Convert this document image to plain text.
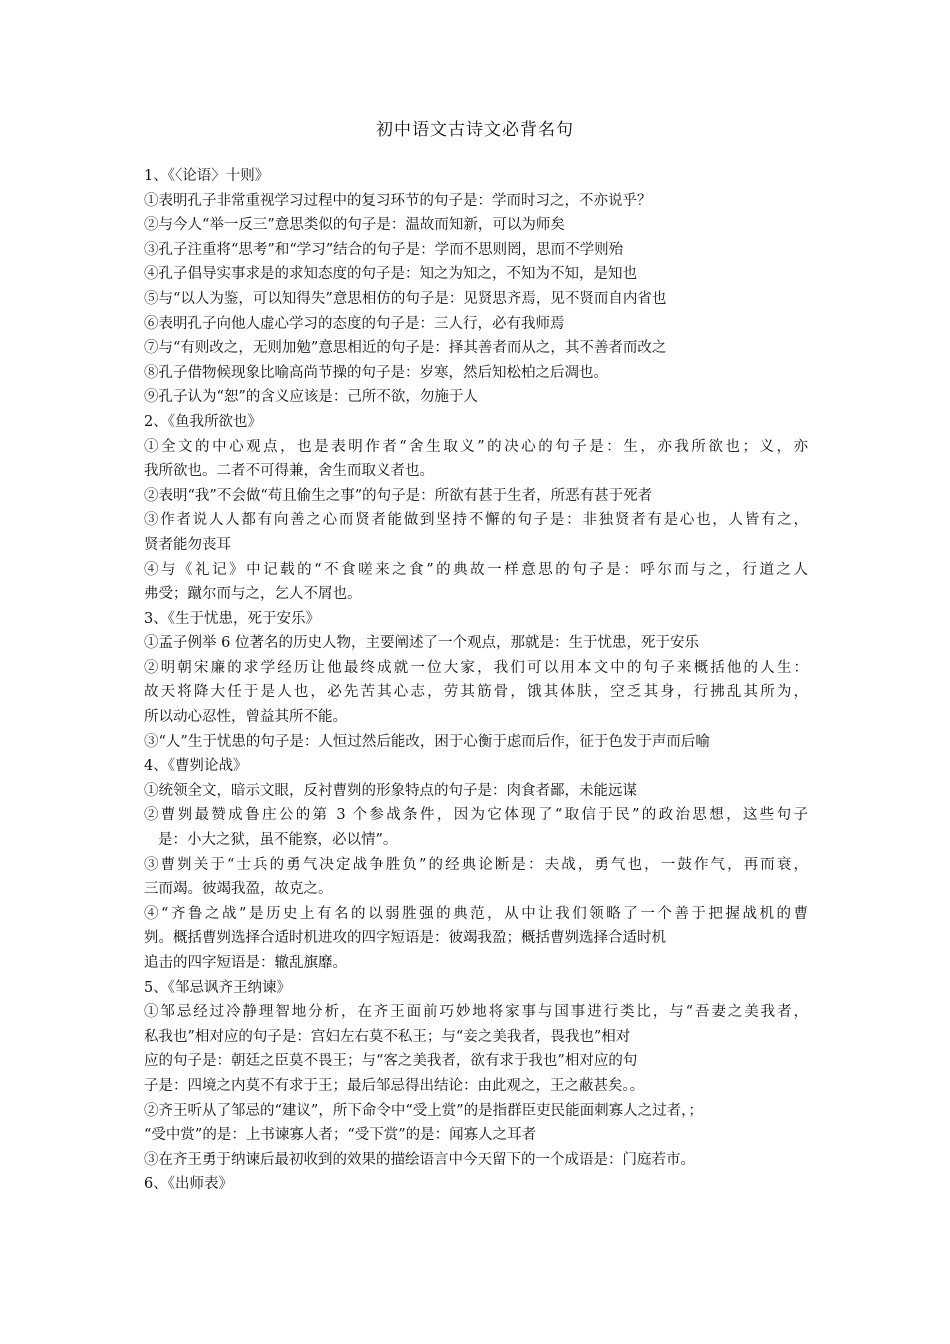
初中语文古诗文必背名句
1、《〈论语〉十则》
①表明孔子非常重视学习过程中的复习环节的句子是：学而时习之，不亦说乎？
②与今人“举一反三”意思类似的句子是：温故而知新，可以为师矣
③孔子注重将“思考”和“学习”结合的句子是：学而不思则罔，思而不学则殆
④孔子倡导实事求是的求知态度的句子是：知之为知之，不知为不知，是知也
⑤与“以人为鉴，可以知得失”意思相仿的句子是：见贤思齐焉，见不贤而自内省也
⑥表明孔子向他人虚心学习的态度的句子是：三人行，必有我师焉
⑦与“有则改之，无则加勉”意思相近的句子是：择其善者而从之，其不善者而改之
⑧孔子借物候现象比喻高尚节操的句子是：岁寒，然后知松柏之后凋也。
⑨孔子认为“恕”的含义应该是：己所不欲，勿施于人
2、《鱼我所欲也》
①全文的中心观点，也是表明作者“舍生取义”的决心的句子是：生，亦我所欲也；义，亦
我所欲也。二者不可得兼，舍生而取义者也。
②表明“我”不会做“苟且偷生之事”的句子是：所欲有甚于生者，所恶有甚于死者
③作者说人人都有向善之心而贤者能做到坚持不懈的句子是：非独贤者有是心也，人皆有之，
贤者能勿丧耳
④与《礼记》中记载的“不食嗟来之食”的典故一样意思的句子是：呼尔而与之，行道之人
弗受；蹴尔而与之，乞人不屑也。
3、《生于忧患，死于安乐》
①孟子例举 6 位著名的历史人物，主要阐述了一个观点，那就是：生于忧患，死于安乐
②明朝宋廉的求学经历让他最终成就一位大家，我们可以用本文中的句子来概括他的人生：
故天将降大任于是人也，必先苦其心志，劳其筋骨，饿其体肤，空乏其身，行拂乱其所为，
所以动心忍性，曾益其所不能。
③“人”生于忧患的句子是：人恒过然后能改，困于心衡于虑而后作，征于色发于声而后喻
4、《曹刿论战》
①统领全文，暗示文眼，反衬曹刿的形象特点的句子是：肉食者鄙，未能远谋
②曹刿最赞成鲁庄公的第 3 个参战条件，因为它体现了“取信于民”的政治思想，这些句子
是：小大之狱，虽不能察，必以情”。
③曹刿关于“士兵的勇气决定战争胜负”的经典论断是：夫战，勇气也，一鼓作气，再而衰，
三而竭。彼竭我盈，故克之。
④“齐鲁之战”是历史上有名的以弱胜强的典范，从中让我们领略了一个善于把握战机的曹
刿。概括曹刿选择合适时机进攻的四字短语是：彼竭我盈；概括曹刿选择合适时机
追击的四字短语是：辙乱旗靡。
5、《邹忌讽齐王纳谏》
①邹忌经过冷静理智地分析，在齐王面前巧妙地将家事与国事进行类比，与“吾妻之美我者，
私我也”相对应的句子是：宫妇左右莫不私王；与“妾之美我者，畏我也”相对
应的句子是：朝廷之臣莫不畏王；与“客之美我者，欲有求于我也”相对应的句
子是：四境之内莫不有求于王；最后邹忌得出结论：由此观之，王之蔽甚矣。。
②齐王听从了邹忌的“建议”，所下命令中“受上赏”的是指群臣吏民能面刺寡人之过者，；
“受中赏”的是：上书谏寡人者；“受下赏”的是：闻寡人之耳者
③在齐王勇于纳谏后最初收到的效果的描绘语言中今天留下的一个成语是：门庭若市。
6、《出师表》
